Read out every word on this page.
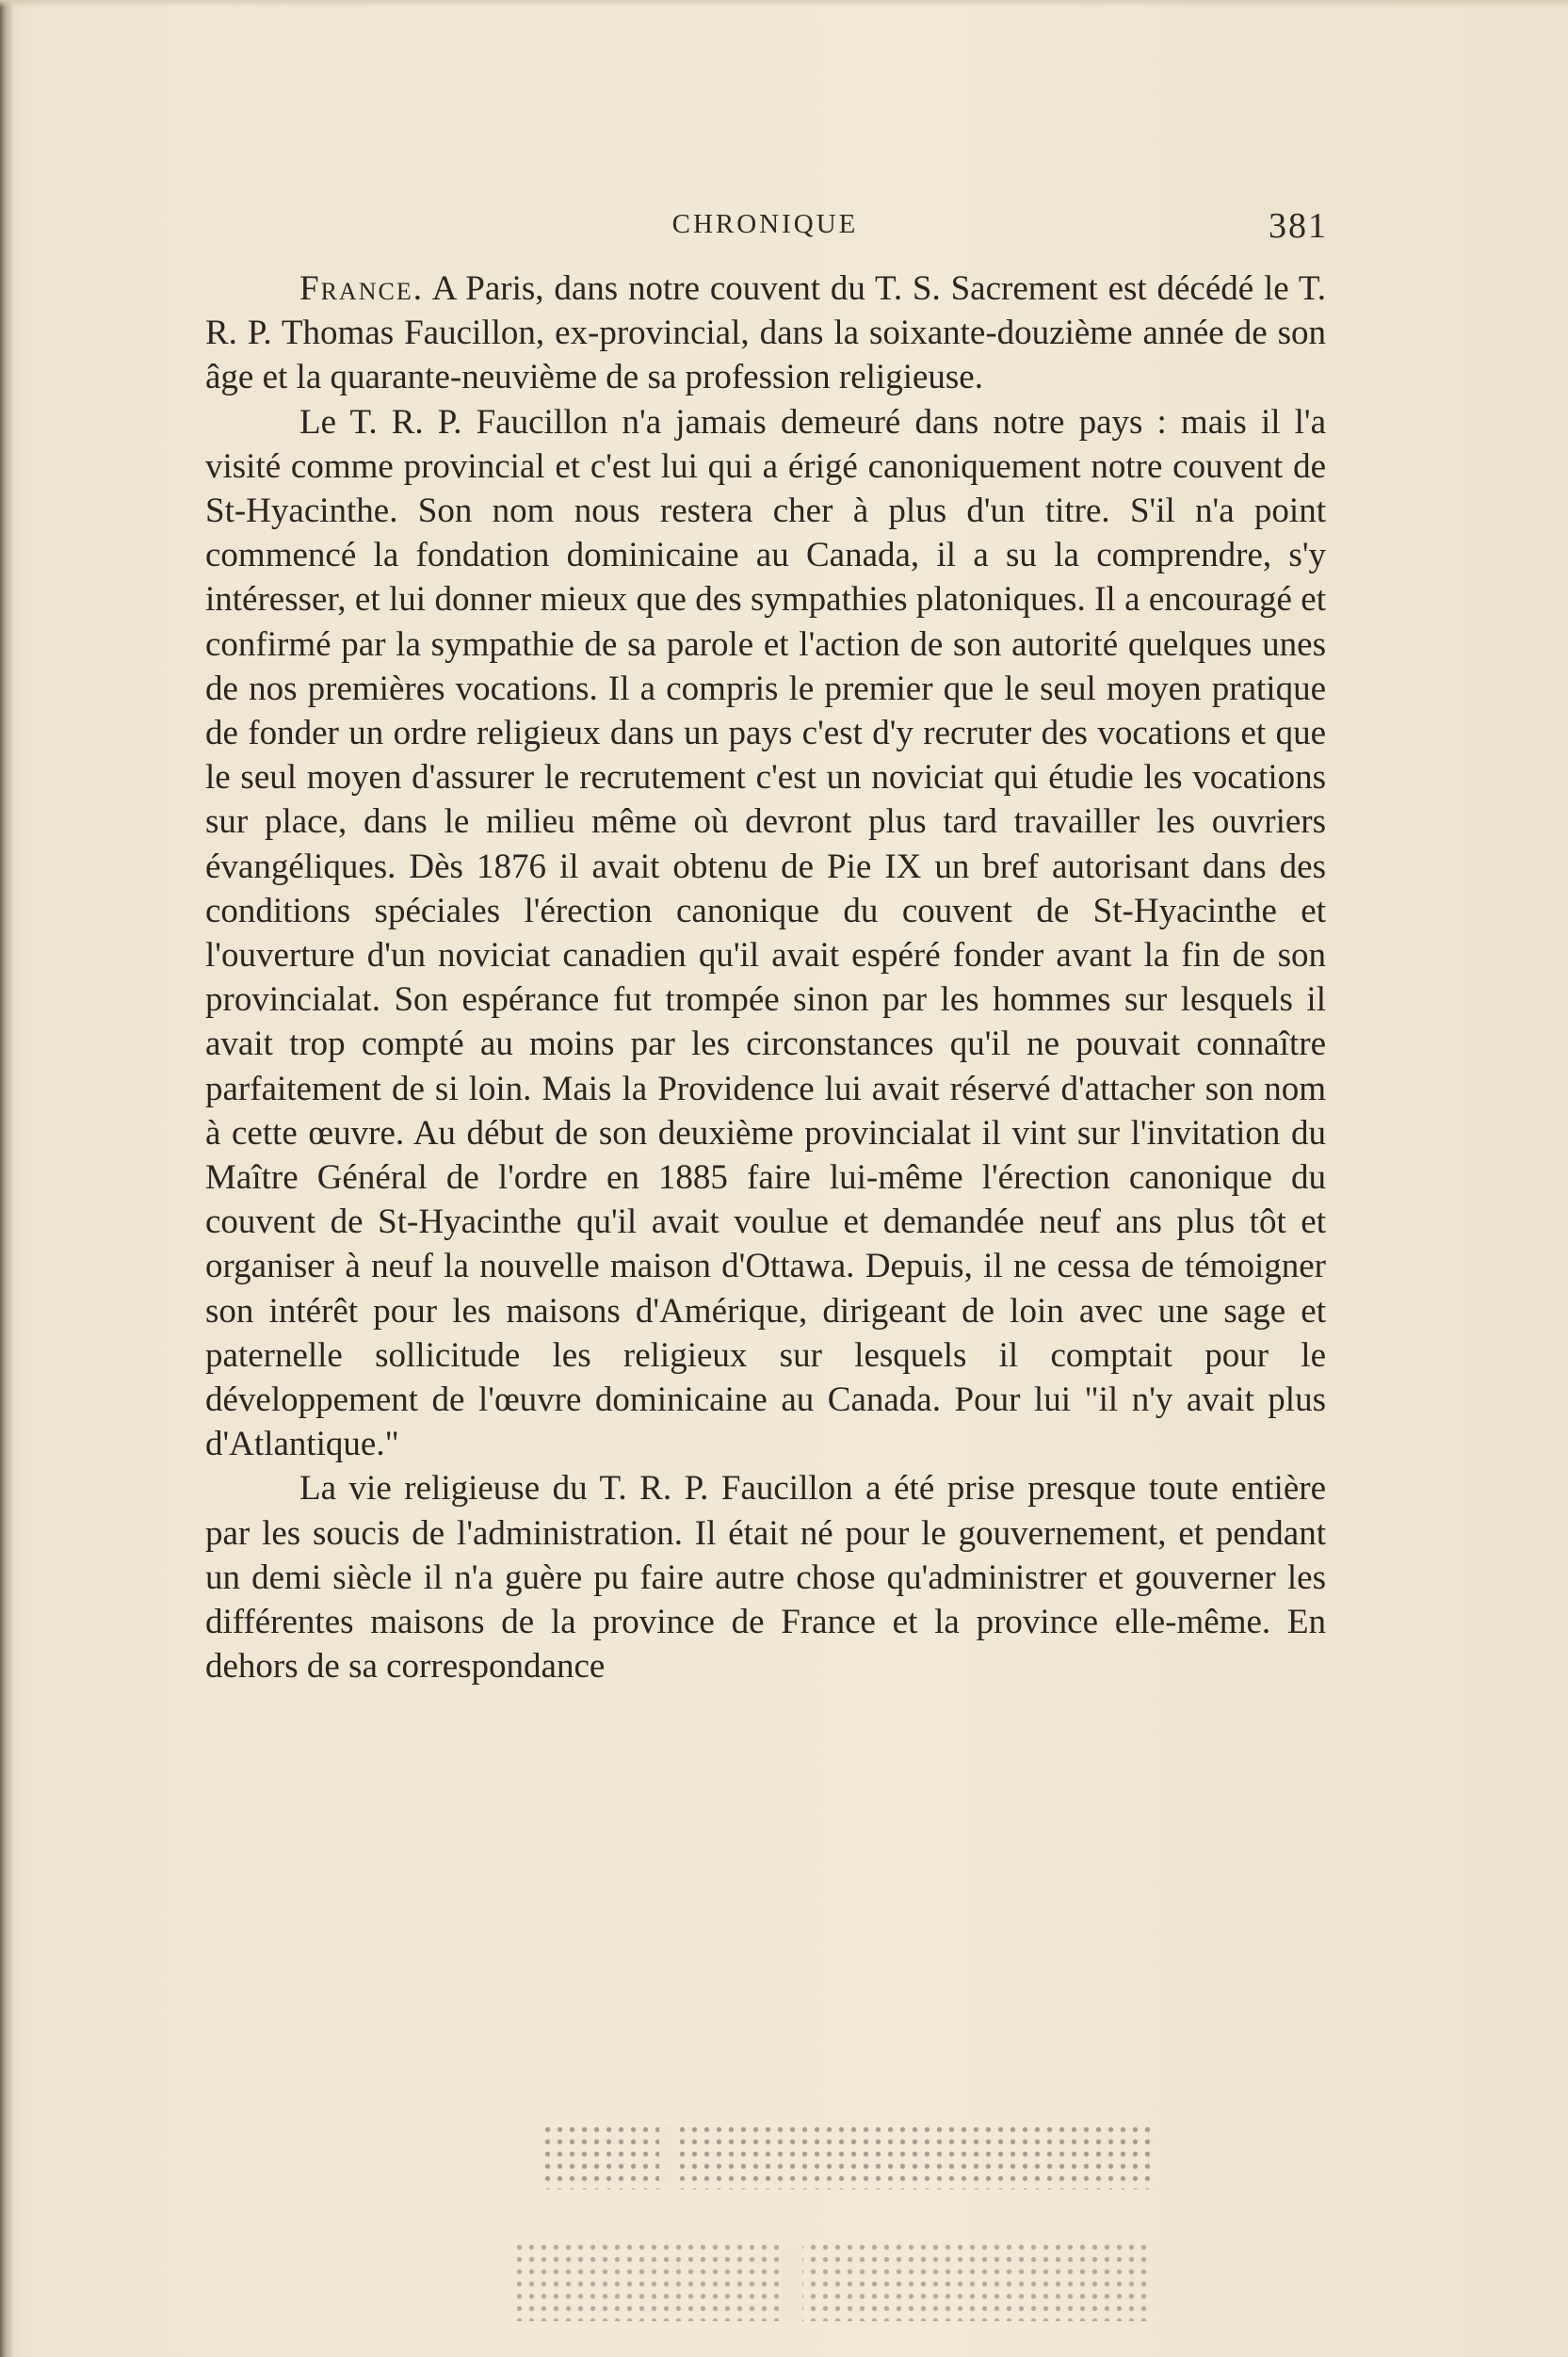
CHRONIQUE	381

France. A Paris, dans notre couvent du T. S. Sacrement est décédé le T. R. P. Thomas Faucillon, ex-provincial, dans la soixante-douzième année de son âge et la quarante-neuvième de sa profession religieuse.

Le T. R. P. Faucillon n'a jamais demeuré dans notre pays : mais il l'a visité comme provincial et c'est lui qui a érigé canoniquement notre couvent de St-Hyacinthe. Son nom nous restera cher à plus d'un titre. S'il n'a point commencé la fondation dominicaine au Canada, il a su la comprendre, s'y intéresser, et lui donner mieux que des sympathies platoniques. Il a encouragé et confirmé par la sympathie de sa parole et l'action de son autorité quelques unes de nos premières vocations. Il a compris le premier que le seul moyen pratique de fonder un ordre religieux dans un pays c'est d'y recruter des vocations et que le seul moyen d'assurer le recrutement c'est un noviciat qui étudie les vocations sur place, dans le milieu même où devront plus tard travailler les ouvriers évangéliques. Dès 1876 il avait obtenu de Pie IX un bref autorisant dans des conditions spéciales l'érection canonique du couvent de St-Hyacinthe et l'ouverture d'un noviciat canadien qu'il avait espéré fonder avant la fin de son provincialat. Son espérance fut trompée sinon par les hommes sur lesquels il avait trop compté au moins par les circonstances qu'il ne pouvait connaître parfaitement de si loin. Mais la Providence lui avait réservé d'attacher son nom à cette œuvre. Au début de son deuxième provincialat il vint sur l'invitation du Maître Général de l'ordre en 1885 faire lui-même l'érection canonique du couvent de St-Hyacinthe qu'il avait voulue et demandée neuf ans plus tôt et organiser à neuf la nouvelle maison d'Ottawa. Depuis, il ne cessa de témoigner son intérêt pour les maisons d'Amérique, dirigeant de loin avec une sage et paternelle sollicitude les religieux sur lesquels il comptait pour le développement de l'œuvre dominicaine au Canada. Pour lui "il n'y avait plus d'Atlantique."

La vie religieuse du T. R. P. Faucillon a été prise presque toute entière par les soucis de l'administration. Il était né pour le gouvernement, et pendant un demi siècle il n'a guère pu faire autre chose qu'administrer et gouverner les différentes maisons de la province de France et la province elle-même. En dehors de sa correspondance
